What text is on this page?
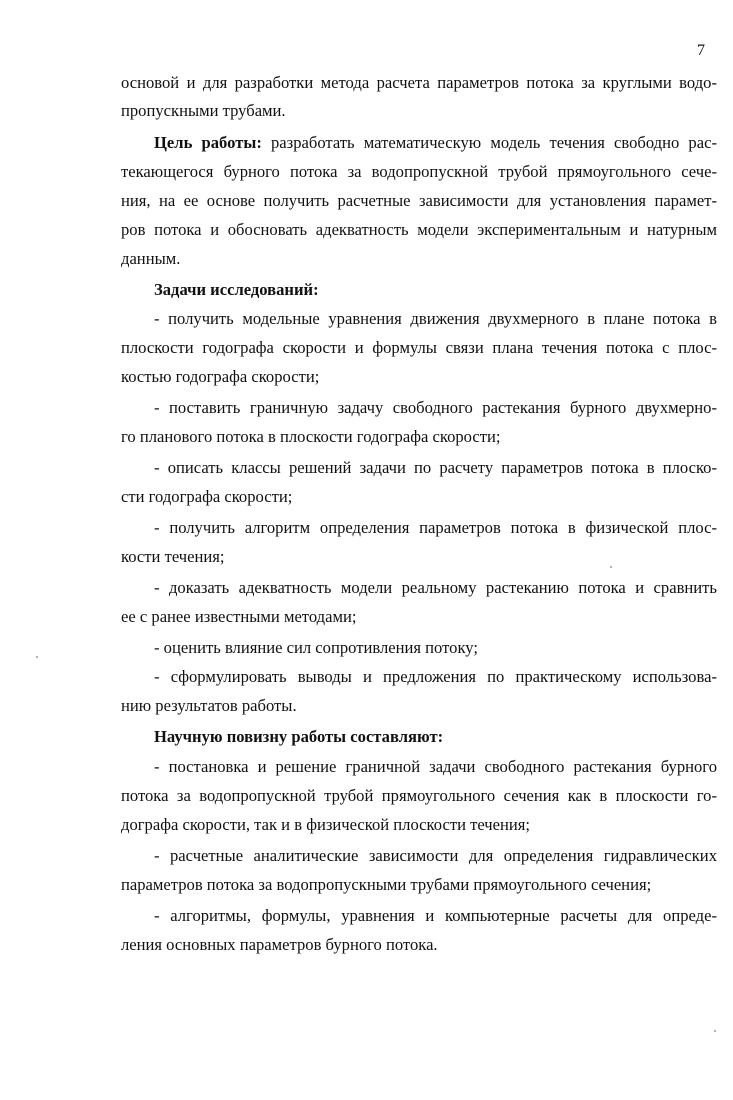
7
основой и для разработки метода расчета параметров потока за круглыми водо-
пропускными трубами.
Цель работы: разработать математическую модель течения свободно рас-
текающегося бурного потока за водопропускной трубой прямоугольного сече-
ния, на ее основе получить расчетные зависимости для установления парамет-
ров потока и обосновать адекватность модели экспериментальным и натурным
данным.
Задачи исследований:
- получить модельные уравнения движения двухмерного в плане потока в
плоскости годографа скорости и формулы связи плана течения потока с плос-
костью годографа скорости;
- поставить граничную задачу свободного растекания бурного двухмерно-
го планового потока в плоскости годографа скорости;
- описать классы решений задачи по расчету параметров потока в плоско-
сти годографа скорости;
- получить алгоритм определения параметров потока в физической плос-
кости течения;
- доказать адекватность модели реальному растеканию потока и сравнить
ее с ранее известными методами;
- оценить влияние сил сопротивления потоку;
- сформулировать выводы и предложения по практическому использова-
нию результатов работы.
Научную повизну работы составляют:
- постановка и решение граничной задачи свободного растекания бурного
потока за водопропускной трубой прямоугольного сечения как в плоскости го-
дографа скорости, так и в физической плоскости течения;
- расчетные аналитические зависимости для определения гидравлических
параметров потока за водопропускными трубами прямоугольного сечения;
- алгоритмы, формулы, уравнения и компьютерные расчеты для опреде-
ления основных параметров бурного потока.
